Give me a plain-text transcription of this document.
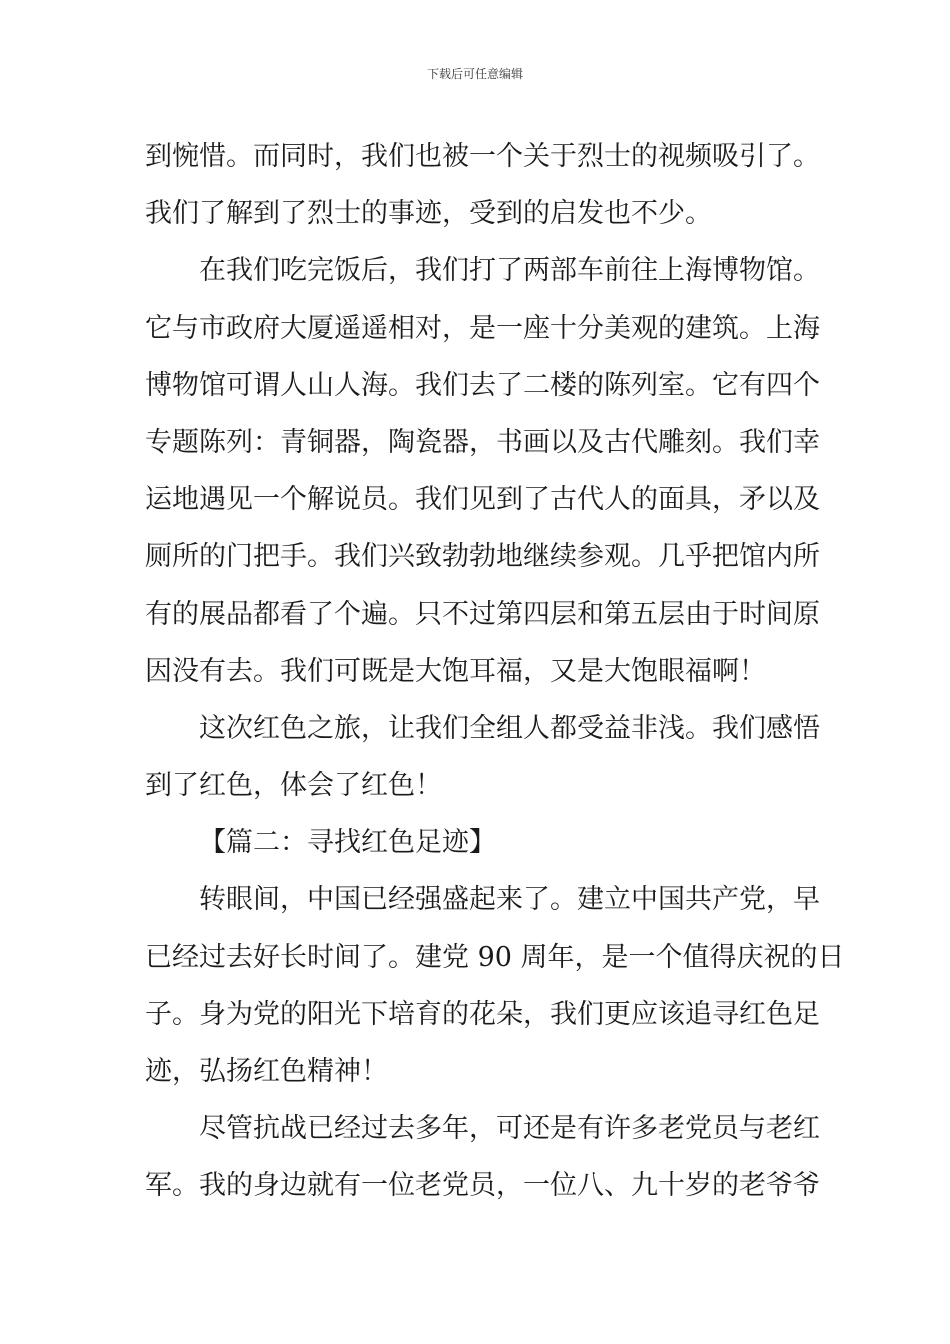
下载后可任意编辑
到惋惜。而同时，我们也被一个关于烈士的视频吸引了。
我们了解到了烈士的事迹，受到的启发也不少。
在我们吃完饭后，我们打了两部车前往上海博物馆。
它与市政府大厦遥遥相对，是一座十分美观的建筑。上海
博物馆可谓人山人海。我们去了二楼的陈列室。它有四个
专题陈列：青铜器，陶瓷器，书画以及古代雕刻。我们幸
运地遇见一个解说员。我们见到了古代人的面具，矛以及
厕所的门把手。我们兴致勃勃地继续参观。几乎把馆内所
有的展品都看了个遍。只不过第四层和第五层由于时间原
因没有去。我们可既是大饱耳福，又是大饱眼福啊！
这次红色之旅，让我们全组人都受益非浅。我们感悟
到了红色，体会了红色！
【篇二：寻找红色足迹】
转眼间，中国已经强盛起来了。建立中国共产党，早
已经过去好长时间了。建党 90 周年，是一个值得庆祝的日
子。身为党的阳光下培育的花朵，我们更应该追寻红色足
迹，弘扬红色精神！
尽管抗战已经过去多年，可还是有许多老党员与老红
军。我的身边就有一位老党员，一位八、九十岁的老爷爷
